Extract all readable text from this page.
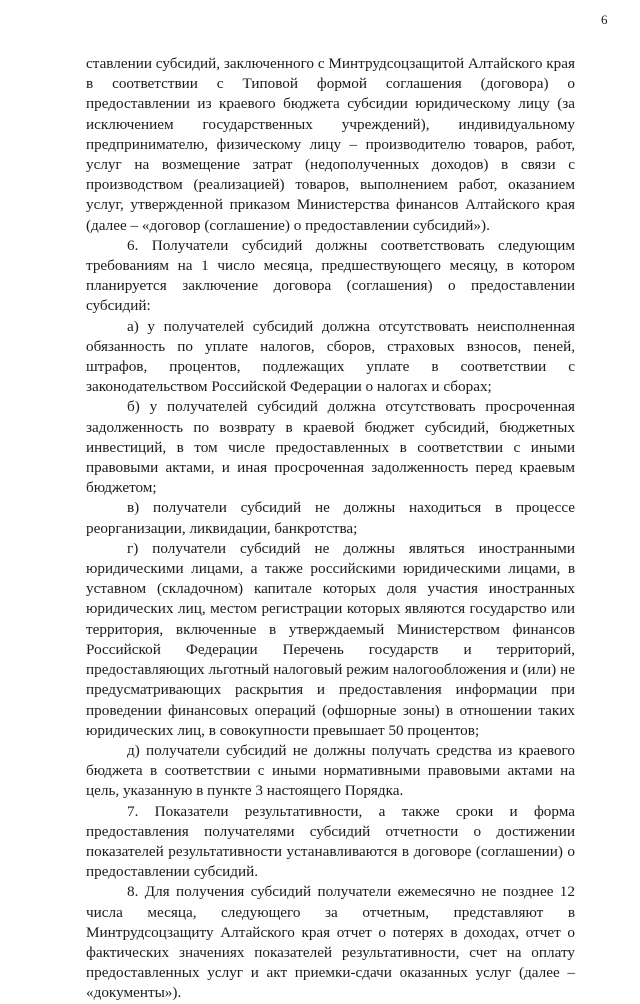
6

ставлении субсидий, заключенного с Минтрудсоцзащитой Алтайского края в соответствии с Типовой формой соглашения (договора) о предоставлении из краевого бюджета субсидии юридическому лицу (за исключением государственных учреждений), индивидуальному предпринимателю, физическому лицу – производителю товаров, работ, услуг на возмещение затрат (недополученных доходов) в связи с производством (реализацией) товаров, выполнением работ, оказанием услуг, утвержденной приказом Министерства финансов Алтайского края (далее – «договор (соглашение) о предоставлении субсидий»).

6. Получатели субсидий должны соответствовать следующим требованиям на 1 число месяца, предшествующего месяцу, в котором планируется заключение договора (соглашения) о предоставлении субсидий:

а) у получателей субсидий должна отсутствовать неисполненная обязанность по уплате налогов, сборов, страховых взносов, пеней, штрафов, процентов, подлежащих уплате в соответствии с законодательством Российской Федерации о налогах и сборах;

б) у получателей субсидий должна отсутствовать просроченная задолженность по возврату в краевой бюджет субсидий, бюджетных инвестиций, в том числе предоставленных в соответствии с иными правовыми актами, и иная просроченная задолженность перед краевым бюджетом;

в) получатели субсидий не должны находиться в процессе реорганизации, ликвидации, банкротства;

г) получатели субсидий не должны являться иностранными юридическими лицами, а также российскими юридическими лицами, в уставном (складочном) капитале которых доля участия иностранных юридических лиц, местом регистрации которых являются государство или территория, включенные в утверждаемый Министерством финансов Российской Федерации Перечень государств и территорий, предоставляющих льготный налоговый режим налогообложения и (или) не предусматривающих раскрытия и предоставления информации при проведении финансовых операций (офшорные зоны) в отношении таких юридических лиц, в совокупности превышает 50 процентов;

д) получатели субсидий не должны получать средства из краевого бюджета в соответствии с иными нормативными правовыми актами на цель, указанную в пункте 3 настоящего Порядка.

7. Показатели результативности, а также сроки и форма предоставления получателями субсидий отчетности о достижении показателей результативности устанавливаются в договоре (соглашении) о предоставлении субсидий.

8. Для получения субсидий получатели ежемесячно не позднее 12 числа месяца, следующего за отчетным, представляют в Минтрудсоцзащиту Алтайского края отчет о потерях в доходах, отчет о фактических значениях показателей результативности, счет на оплату предоставленных услуг и акт приемки-сдачи оказанных услуг (далее – «документы»).
